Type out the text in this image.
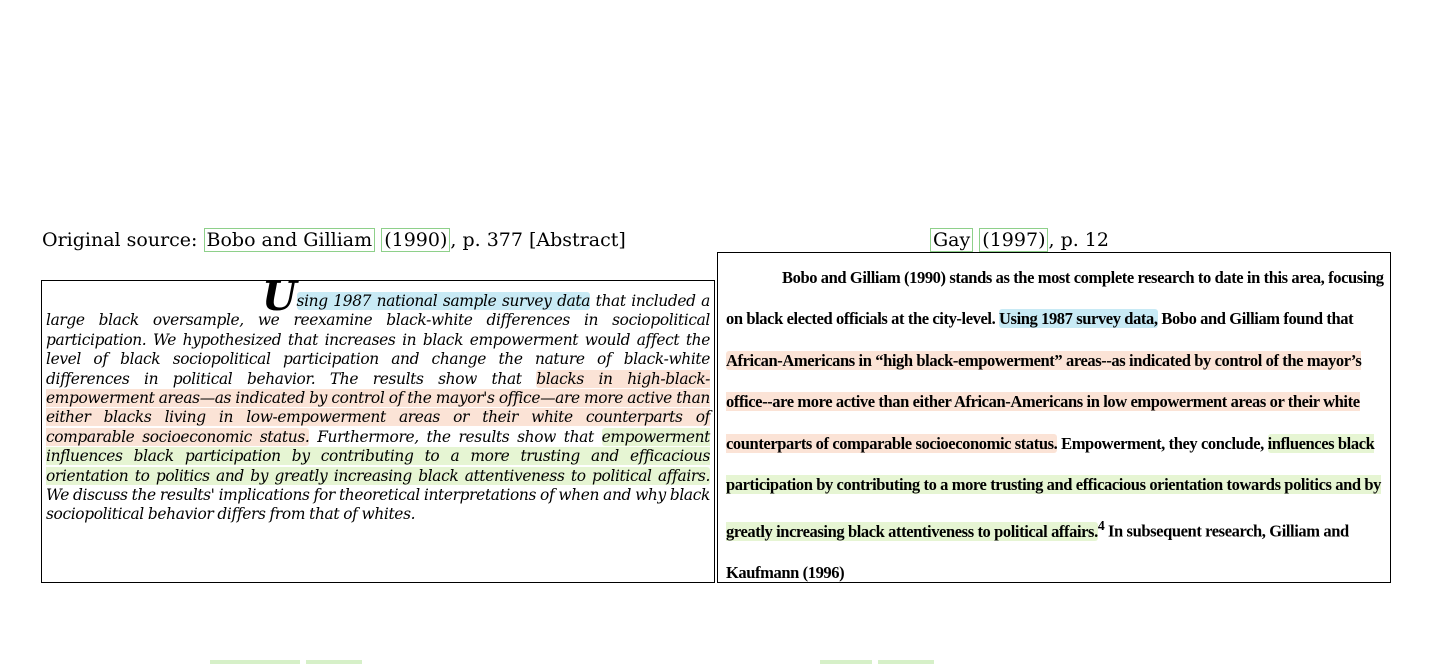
Original source: Bobo and Gilliam (1990) , p. 377 [Abstract]	Gay (1997) , p. 12
Using 1987 national sample survey data that included a large black oversample, we reexamine black-white differences in sociopolitical participation. We hypothesized that increases in black empowerment would affect the level of black sociopolitical participation and change the nature of black-white differences in political behavior. The results show that blacks in high-black-empowerment areas—as indicated by control of the mayor's office—are more active than either blacks living in low-empowerment areas or their white counterparts of comparable socioeconomic status. Furthermore, the results show that empowerment influences black participation by contributing to a more trusting and efficacious orientation to politics and by greatly increasing black attentiveness to political affairs. We discuss the results' implications for theoretical interpretations of when and why black sociopolitical behavior differs from that of whites.
Bobo and Gilliam (1990) stands as the most complete research to date in this area, focusing on black elected officials at the city-level. Using 1987 survey data, Bobo and Gilliam found that African-Americans in “high black-empowerment” areas--as indicated by control of the mayor’s office--are more active than either African-Americans in low empowerment areas or their white counterparts of comparable socioeconomic status. Empowerment, they conclude, influences black participation by contributing to a more trusting and efficacious orientation towards politics and by greatly increasing black attentiveness to political affairs.$^4$ In subsequent research, Gilliam and Kaufmann (1996)
